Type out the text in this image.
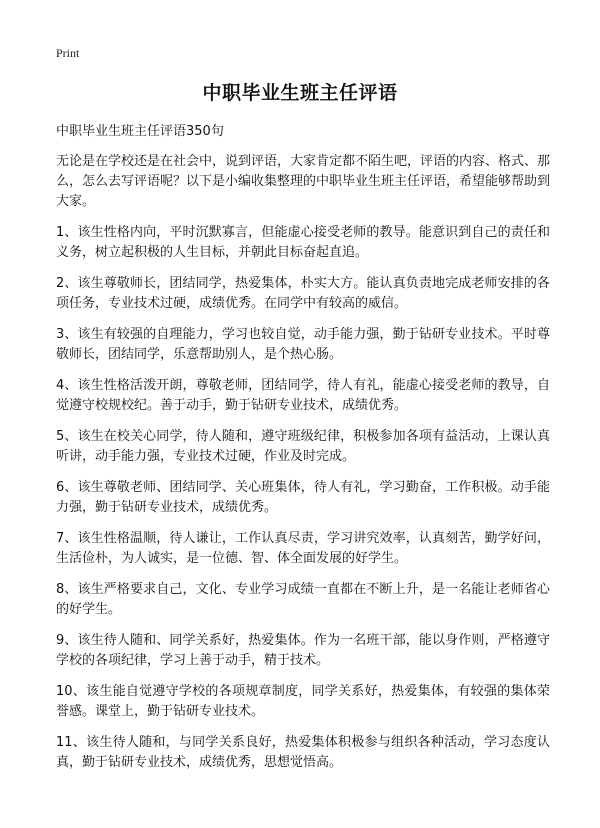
Print
中职毕业生班主任评语

中职毕业生班主任评语350句

无论是在学校还是在社会中，说到评语，大家肯定都不陌生吧，评语的内容、格式、那么，怎么去写评语呢？以下是小编收集整理的中职毕业生班主任评语，希望能够帮助到大家。

1、该生性格内向，平时沉默寡言，但能虚心接受老师的教导。能意识到自己的责任和义务，树立起积极的人生目标，并朝此目标奋起直追。

2、该生尊敬师长，团结同学，热爱集体，朴实大方。能认真负责地完成老师安排的各项任务，专业技术过硬，成绩优秀。在同学中有较高的威信。

3、该生有较强的自理能力，学习也较自觉，动手能力强，勤于钻研专业技术。平时尊敬师长，团结同学，乐意帮助别人，是个热心肠。

4、该生性格活泼开朗，尊敬老师，团结同学，待人有礼，能虚心接受老师的教导，自觉遵守校规校纪。善于动手，勤于钻研专业技术，成绩优秀。

5、该生在校关心同学，待人随和，遵守班级纪律，积极参加各项有益活动，上课认真听讲，动手能力强，专业技术过硬，作业及时完成。

6、该生尊敬老师、团结同学、关心班集体，待人有礼，学习勤奋，工作积极。动手能力强，勤于钻研专业技术，成绩优秀。

7、该生性格温顺，待人谦让，工作认真尽责，学习讲究效率，认真刻苦，勤学好问，生活俭朴，为人诚实，是一位德、智、体全面发展的好学生。

8、该生严格要求自己，文化、专业学习成绩一直都在不断上升，是一名能让老师省心的好学生。

9、该生待人随和、同学关系好，热爱集体。作为一名班干部，能以身作则，严格遵守学校的各项纪律，学习上善于动手，精于技术。

10、该生能自觉遵守学校的各项规章制度，同学关系好，热爱集体，有较强的集体荣誉感。课堂上，勤于钻研专业技术。

11、该生待人随和，与同学关系良好，热爱集体积极参与组织各种活动，学习态度认真，勤于钻研专业技术，成绩优秀，思想觉悟高。
